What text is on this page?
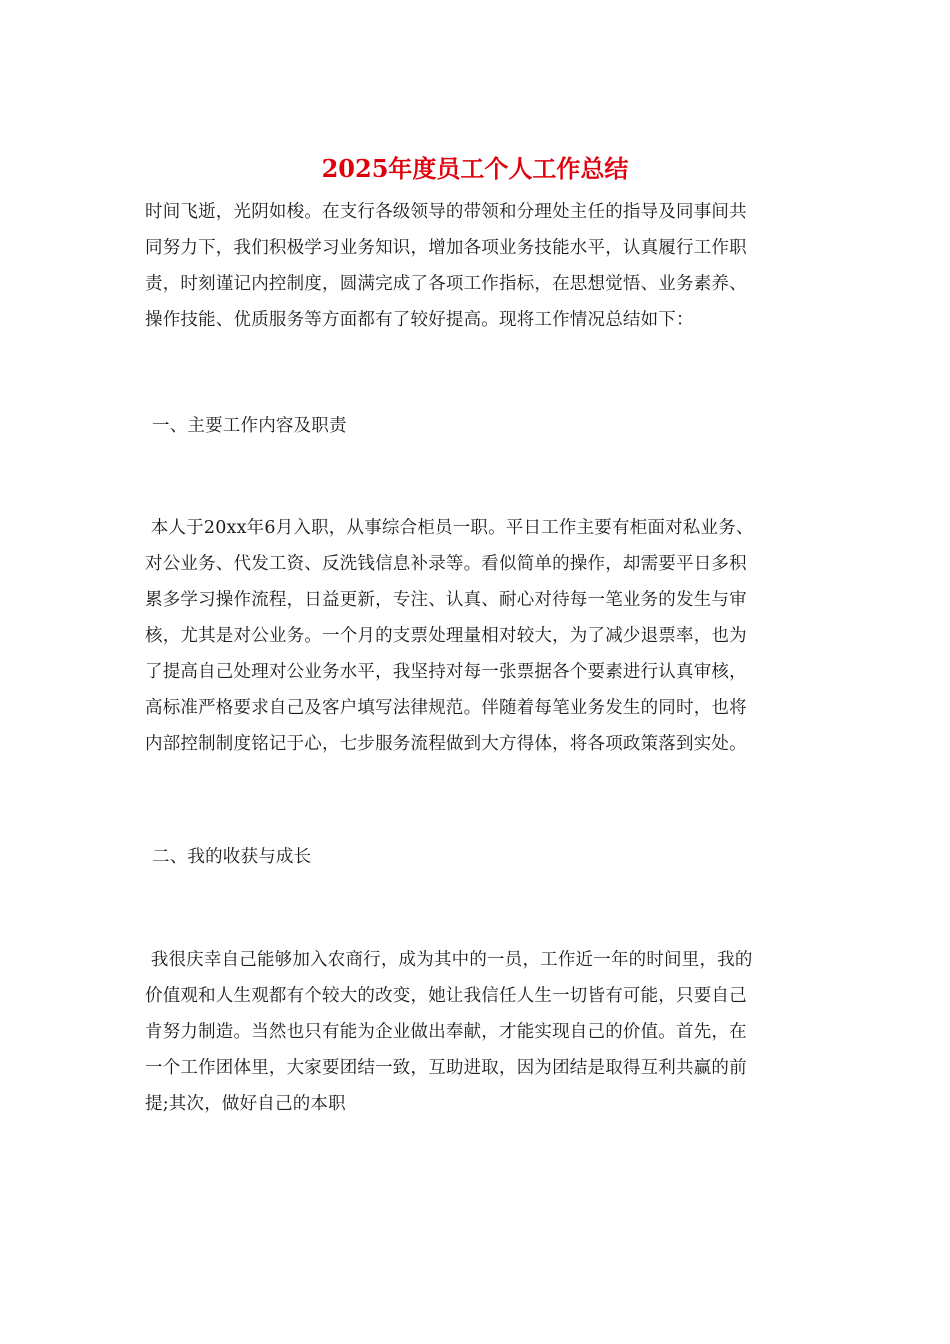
2025年度员工个人工作总结
时间飞逝，光阴如梭。在支行各级领导的带领和分理处主任的指导及同事间共
同努力下，我们积极学习业务知识，增加各项业务技能水平，认真履行工作职
责，时刻谨记内控制度，圆满完成了各项工作指标，在思想觉悟、业务素养、
操作技能、优质服务等方面都有了较好提高。现将工作情况总结如下：
一、主要工作内容及职责
本人于20xx年6月入职，从事综合柜员一职。平日工作主要有柜面对私业务、
对公业务、代发工资、反洗钱信息补录等。看似简单的操作，却需要平日多积
累多学习操作流程，日益更新，专注、认真、耐心对待每一笔业务的发生与审
核，尤其是对公业务。一个月的支票处理量相对较大，为了减少退票率，也为
了提高自己处理对公业务水平，我坚持对每一张票据各个要素进行认真审核，
高标准严格要求自己及客户填写法律规范。伴随着每笔业务发生的同时，也将
内部控制制度铭记于心，七步服务流程做到大方得体，将各项政策落到实处。
二、我的收获与成长
我很庆幸自己能够加入农商行，成为其中的一员，工作近一年的时间里，我的
价值观和人生观都有个较大的改变，她让我信任人生一切皆有可能，只要自己
肯努力制造。当然也只有能为企业做出奉献，才能实现自己的价值。首先，在
一个工作团体里，大家要团结一致，互助进取，因为团结是取得互利共赢的前
提;其次，做好自己的本职
